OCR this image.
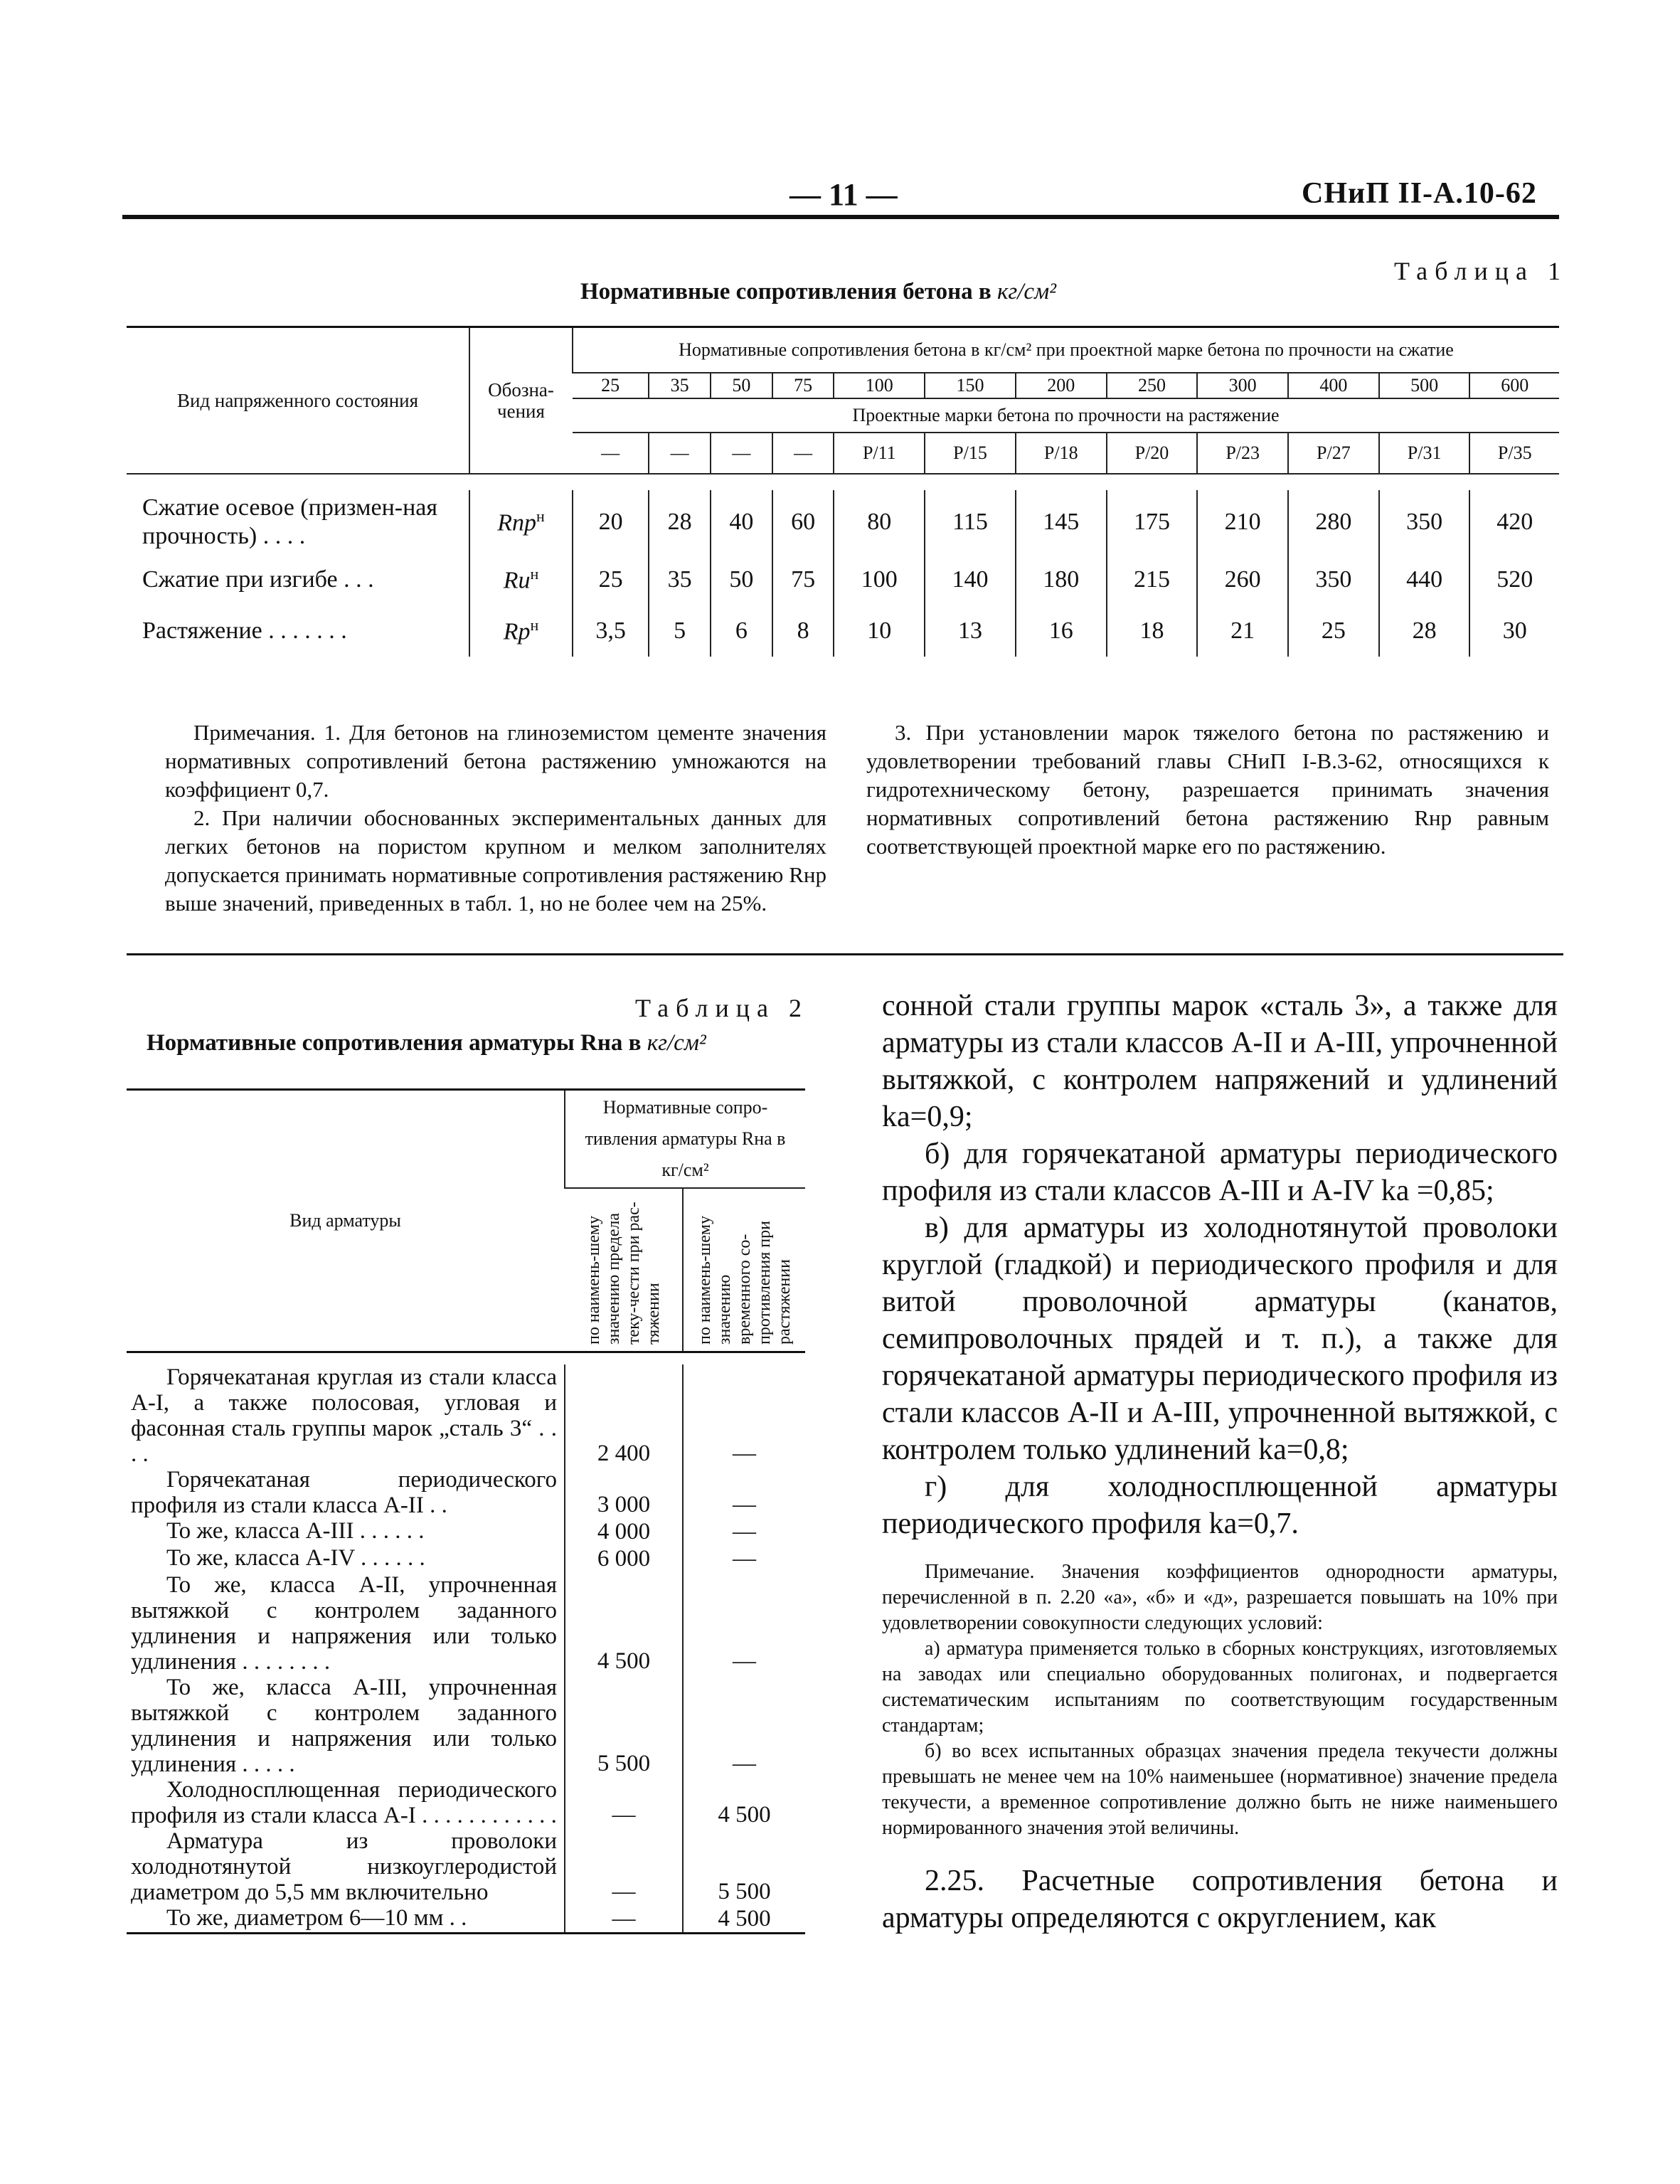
— 11 —	СНиП II-А.10-62
Таблица 1
Нормативные сопротивления бетона в кг/см²
Вид напряженного состояния	Обозна-чения	Нормативные сопротивления бетона в кг/см² при проектной марке бетона по прочности на сжатие											
		25	35	50	75	100	150	200	250	300	400	500	600
		Проектные марки бетона по прочности на растяжение											
		—	—	—	—	Р/11	Р/15	Р/18	Р/20	Р/23	Р/27	Р/31	Р/35

Сжатие осевое (призмен-ная прочность) . . . .	Rпр$^н$	20	28	40	60	80	115	145	175	210	280	350	420
Сжатие при изгибе . . .	$Rи^н$	25	35	50	75	100	140	180	215	260	350	440	520
Растяжение . . . . . . .	$Rр^н$	3,5	5	6	8	10	13	16	18	21	25	28	30

Примечания. 1. Для бетонов на глиноземистом цементе значения нормативных сопротивлений бетона растяжению умножаются на коэффициент 0,7.
2. При наличии обоснованных экспериментальных данных для легких бетонов на пористом крупном и мелком заполнителях допускается принимать нормативные сопротивления растяжению Rнр выше значений, приведенных в табл. 1, но не более чем на 25%.
3. При установлении марок тяжелого бетона по растяжению и удовлетворении требований главы СНиП I-В.3-62, относящихся к гидротехническому бетону, разрешается принимать значения нормативных сопротивлений бетона растяжению Rнр равным соответствующей проектной марке его по растяжению.
Таблица 2
Нормативные сопротивления арматуры Rна в кг/см²
Вид арматуры	Нормативные сопро-тивления арматуры Rна в кг/см²	

	по наимень-шему значению предела теку-чести при рас-тяжении	по наимень-шему значению временного со-противления при растяжении

Горячекатаная круглая из стали класса А-I, а также полосовая, угловая и фасонная сталь группы марок „сталь 3“ . . . .	2 400	—
Горячекатаная периодического профиля из стали класса А-II . .	3 000	—
То же, класса А-III . . . . . .	4 000	—
То же, класса А-IV . . . . . .	6 000	—
То же, класса А-II, упрочненная вытяжкой с контролем заданного удлинения и напряжения или только удлинения . . . . . . . .	4 500	—
То же, класса А-III, упрочненная вытяжкой с контролем заданного удлинения и напряжения или только удлинения . . . . .	5 500	—
Холодносплющенная периодического профиля из стали класса А-I . . . . . . . . . . . .	—	4 500
Арматура из проволоки холоднотянутой низкоуглеродистой диаметром до 5,5 мм включительно	—	5 500
То же, диаметром 6—10 мм . .	—	4 500

сонной стали группы марок «сталь 3», а также для арматуры из стали классов А-II и А-III, упрочненной вытяжкой, с контролем напряжений и удлинений kа=0,9;

б) для горячекатаной арматуры периодического профиля из стали классов А-III и А-IV kа =0,85;

в) для арматуры из холоднотянутой проволоки круглой (гладкой) и периодического профиля и для витой проволочной арматуры (канатов, семипроволочных прядей и т. п.), а также для горячекатаной арматуры периодического профиля из стали классов А-II и А-III, упрочненной вытяжкой, с контролем только удлинений kа=0,8;

г) для холодносплющенной арматуры периодического профиля kа=0,7.

Примечание. Значения коэффициентов однородности арматуры, перечисленной в п. 2.20 «а», «б» и «д», разрешается повышать на 10% при удовлетворении совокупности следующих условий:

а) арматура применяется только в сборных конструкциях, изготовляемых на заводах или специально оборудованных полигонах, и подвергается систематическим испытаниям по соответствующим государственным стандартам;

б) во всех испытанных образцах значения предела текучести должны превышать не менее чем на 10% наименьшее (нормативное) значение предела текучести, а временное сопротивление должно быть не ниже наименьшего нормированного значения этой величины.

2.25. Расчетные сопротивления бетона и арматуры определяются с округлением, как
